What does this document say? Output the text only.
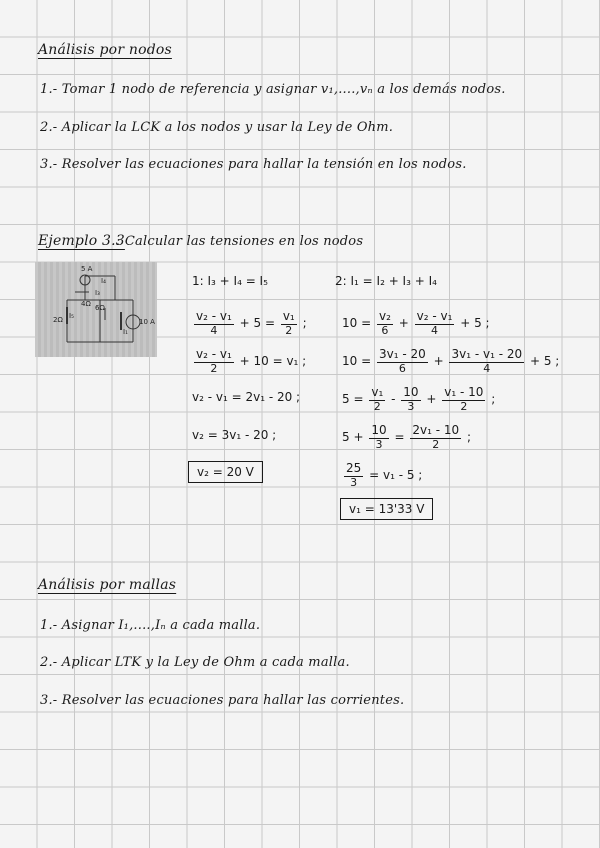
Análisis por nodos
1.- Tomar 1 nodo de referencia y asignar v₁,....,vₙ a los demás nodos.
2.- Aplicar la LCK a los nodos y usar la Ley de Ohm.
3.- Resolver las ecuaciones para hallar la tensión en los nodos.
Ejemplo 3.3
: Calcular las tensiones en los nodos
5 A
I₄
I₃
I₅
I₁
2Ω
6Ω
4Ω
10 A
1: I₃ + I₄ = I₅
$\frac{\text{v₂ - v₁}}{4} + 5 = \frac{\text{v₁}}{2}$ ;
$\frac{\text{v₂ - v₁}}{2} + 10 = v_1$ ;
v₂ - v₁ = 2v₁ - 20 ;
v₂ = 3v₁ - 20 ;
v₂ = 20 V
2: I₁ = I₂ + I₃ + I₄
$10 = \frac{\text{v₂}}{6} + \frac{\text{v₂ - v₁}}{4} + 5$ ;
$10 = \frac{\text{3v₁ - 20}}{6} + \frac{\text{3v₁ - v₁ - 20}}{4} + 5$ ;
$5 = \frac{\text{v₁}}{2} - \frac{10}{3} + \frac{\text{v₁ - 10}}{2}$ ;
$5 + \frac{10}{3} = \frac{\text{2v₁ - 10}}{2}$ ;
$\frac{25}{3} = v_1 - 5$ ;
v₁ = 13'33 V
Análisis por mallas
1.- Asignar I₁,....,Iₙ a cada malla.
2.- Aplicar LTK y la Ley de Ohm a cada malla.
3.- Resolver las ecuaciones para hallar las corrientes.
